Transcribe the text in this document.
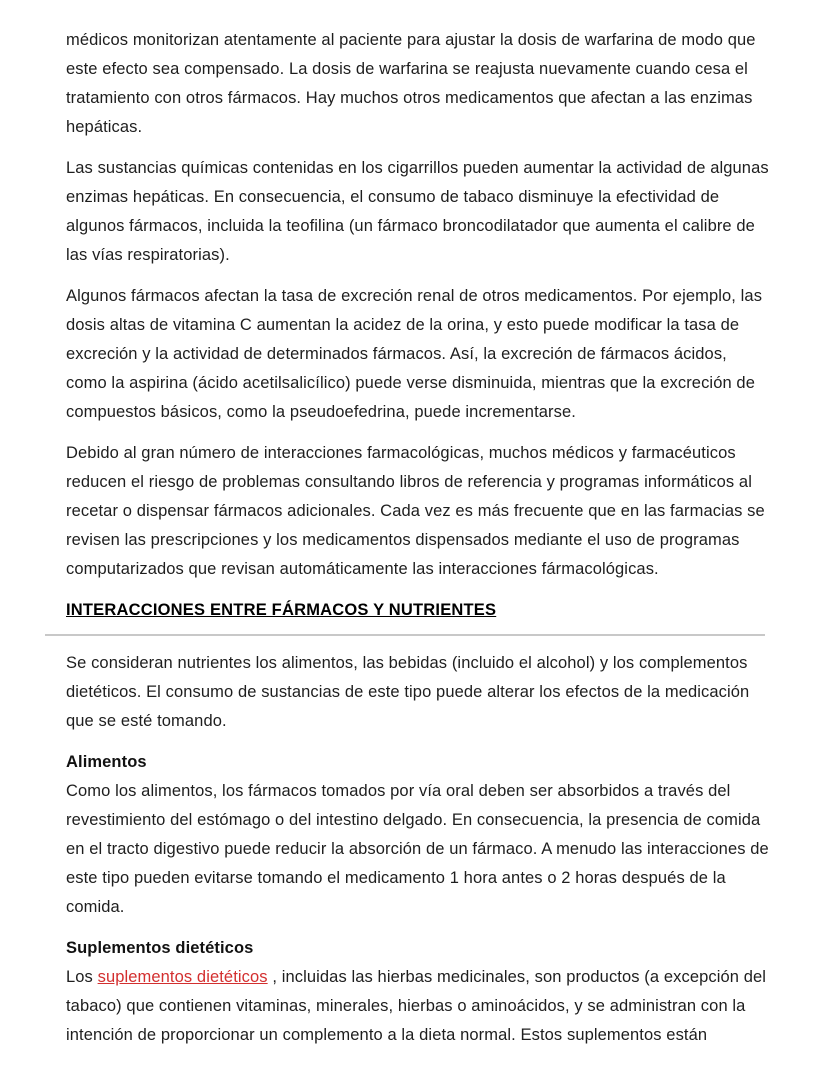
médicos monitorizan atentamente al paciente para ajustar la dosis de warfarina de modo que este efecto sea compensado. La dosis de warfarina se reajusta nuevamente cuando cesa el tratamiento con otros fármacos. Hay muchos otros medicamentos que afectan a las enzimas hepáticas.

Las sustancias químicas contenidas en los cigarrillos pueden aumentar la actividad de algunas enzimas hepáticas. En consecuencia, el consumo de tabaco disminuye la efectividad de algunos fármacos, incluida la teofilina (un fármaco broncodilatador que aumenta el calibre de las vías respiratorias).

Algunos fármacos afectan la tasa de excreción renal de otros medicamentos. Por ejemplo, las dosis altas de vitamina C aumentan la acidez de la orina, y esto puede modificar la tasa de excreción y la actividad de determinados fármacos. Así, la excreción de fármacos ácidos, como la aspirina (ácido acetilsalicílico) puede verse disminuida, mientras que la excreción de compuestos básicos, como la pseudoefedrina, puede incrementarse.

Debido al gran número de interacciones farmacológicas, muchos médicos y farmacéuticos reducen el riesgo de problemas consultando libros de referencia y programas informáticos al recetar o dispensar fármacos adicionales. Cada vez es más frecuente que en las farmacias se revisen las prescripciones y los medicamentos dispensados mediante el uso de programas computarizados que revisan automáticamente las interacciones fármacológicas.

INTERACCIONES ENTRE FÁRMACOS Y NUTRIENTES

Se consideran nutrientes los alimentos, las bebidas (incluido el alcohol) y los complementos dietéticos. El consumo de sustancias de este tipo puede alterar los efectos de la medicación que se esté tomando.

Alimentos

Como los alimentos, los fármacos tomados por vía oral deben ser absorbidos a través del revestimiento del estómago o del intestino delgado. En consecuencia, la presencia de comida en el tracto digestivo puede reducir la absorción de un fármaco. A menudo las interacciones de este tipo pueden evitarse tomando el medicamento 1 hora antes o 2 horas después de la comida.

Suplementos dietéticos

Los suplementos dietéticos , incluidas las hierbas medicinales, son productos (a excepción del tabaco) que contienen vitaminas, minerales, hierbas o aminoácidos, y se administran con la intención de proporcionar un complemento a la dieta normal. Estos suplementos están
